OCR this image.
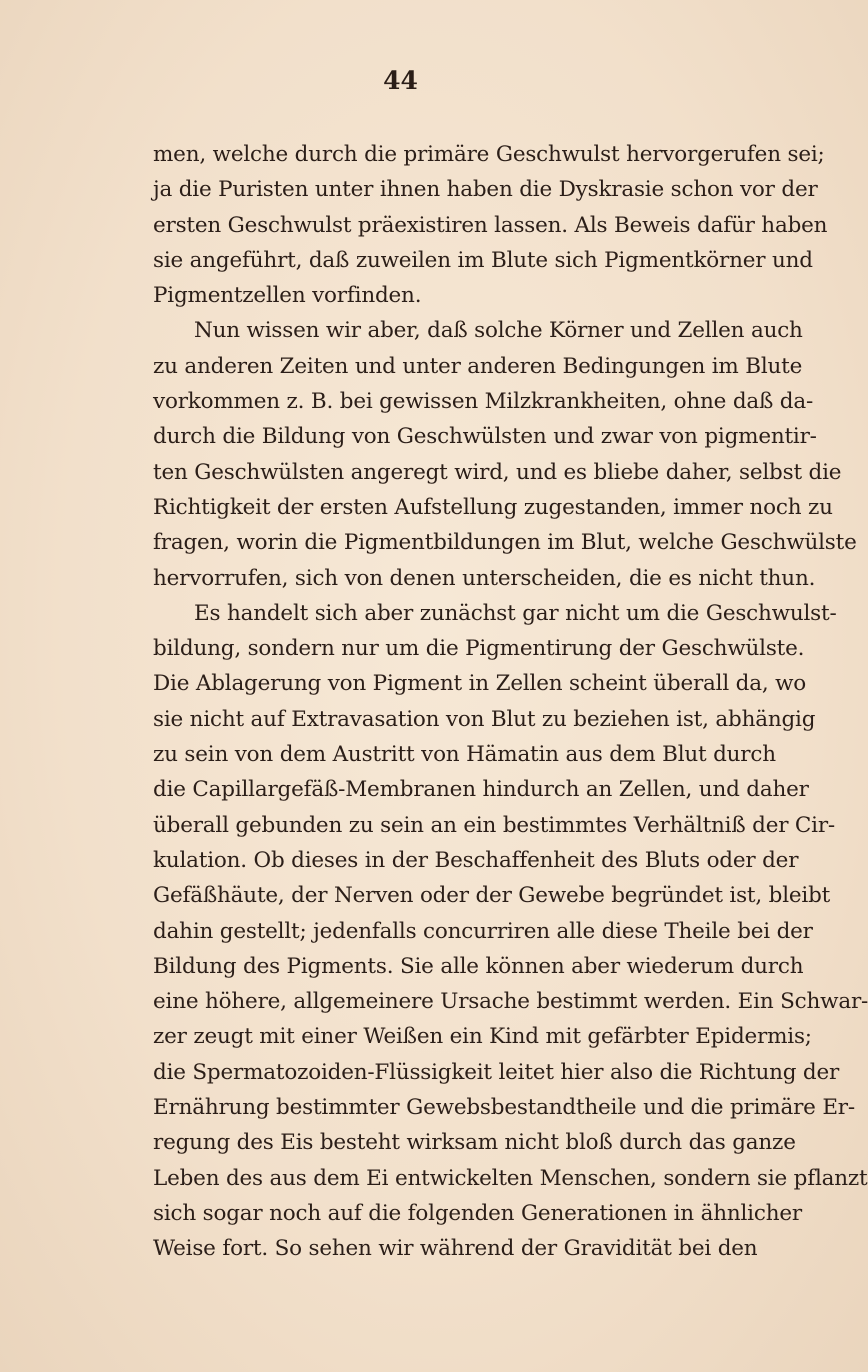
44
men, welche durch die primäre Geschwulst hervorgerufen sei;
ja die Puristen unter ihnen haben die Dyskrasie schon vor der
ersten Geschwulst präexistiren lassen. Als Beweis dafür haben
sie angeführt, daß zuweilen im Blute sich Pigmentkörner und
Pigmentzellen vorfinden.
Nun wissen wir aber, daß solche Körner und Zellen auch
zu anderen Zeiten und unter anderen Bedingungen im Blute
vorkommen z. B. bei gewissen Milzkrankheiten, ohne daß da-
durch die Bildung von Geschwülsten und zwar von pigmentir-
ten Geschwülsten angeregt wird, und es bliebe daher, selbst die
Richtigkeit der ersten Aufstellung zugestanden, immer noch zu
fragen, worin die Pigmentbildungen im Blut, welche Geschwülste
hervorrufen, sich von denen unterscheiden, die es nicht thun.
Es handelt sich aber zunächst gar nicht um die Geschwulst-
bildung, sondern nur um die Pigmentirung der Geschwülste.
Die Ablagerung von Pigment in Zellen scheint überall da, wo
sie nicht auf Extravasation von Blut zu beziehen ist, abhängig
zu sein von dem Austritt von Hämatin aus dem Blut durch
die Capillargefäß-Membranen hindurch an Zellen, und daher
überall gebunden zu sein an ein bestimmtes Verhältniß der Cir-
kulation. Ob dieses in der Beschaffenheit des Bluts oder der
Gefäßhäute, der Nerven oder der Gewebe begründet ist, bleibt
dahin gestellt; jedenfalls concurriren alle diese Theile bei der
Bildung des Pigments. Sie alle können aber wiederum durch
eine höhere, allgemeinere Ursache bestimmt werden. Ein Schwar-
zer zeugt mit einer Weißen ein Kind mit gefärbter Epidermis;
die Spermatozoiden-Flüssigkeit leitet hier also die Richtung der
Ernährung bestimmter Gewebsbestandtheile und die primäre Er-
regung des Eis besteht wirksam nicht bloß durch das ganze
Leben des aus dem Ei entwickelten Menschen, sondern sie pflanzt
sich sogar noch auf die folgenden Generationen in ähnlicher
Weise fort. So sehen wir während der Gravidität bei den
